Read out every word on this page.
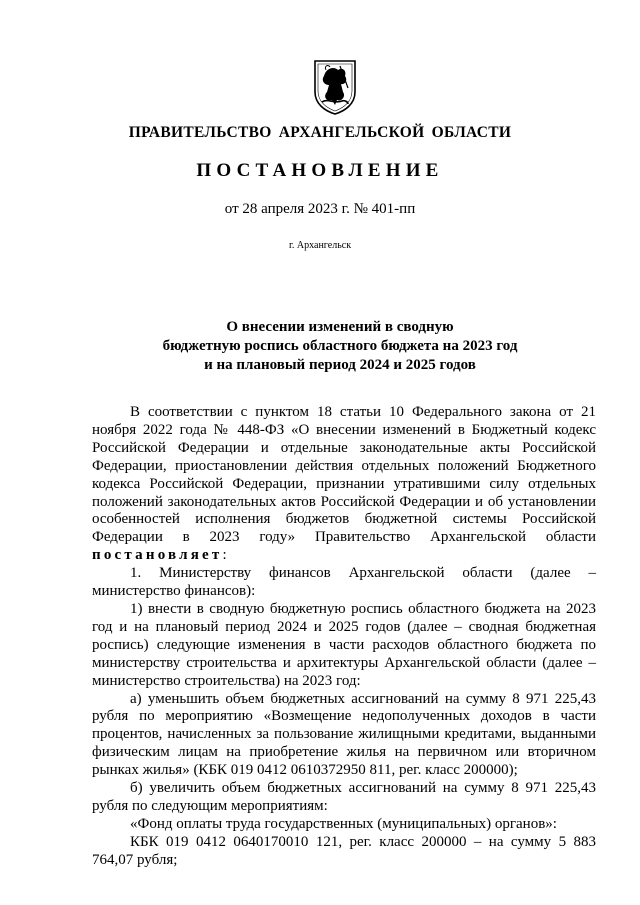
ПРАВИТЕЛЬСТВО АРХАНГЕЛЬСКОЙ ОБЛАСТИ
ПОСТАНОВЛЕНИЕ
от 28 апреля 2023 г. № 401-пп
г. Архангельск
О внесении изменений в сводную
бюджетную роспись областного бюджета на 2023 год
и на плановый период 2024 и 2025 годов

В соответствии с пунктом 18 статьи 10 Федерального закона от 21 ноября 2022 года № 448-ФЗ «О внесении изменений в Бюджетный кодекс Российской Федерации и отдельные законодательные акты Российской Федерации, приостановлении действия отдельных положений Бюджетного кодекса Российской Федерации, признании утратившими силу отдельных положений законодательных актов Российской Федерации и об установлении особенностей исполнения бюджетов бюджетной системы Российской Федерации в 2023 году» Правительство Архангельской области постановляет:

1. Министерству финансов Архангельской области (далее – министерство финансов):

1) внести в сводную бюджетную роспись областного бюджета на 2023 год и на плановый период 2024 и 2025 годов (далее – сводная бюджетная роспись) следующие изменения в части расходов областного бюджета по министерству строительства и архитектуры Архангельской области (далее – министерство строительства) на 2023 год:

а) уменьшить объем бюджетных ассигнований на сумму 8 971 225,43 рубля по мероприятию «Возмещение недополученных доходов в части процентов, начисленных за пользование жилищными кредитами, выданными физическим лицам на приобретение жилья на первичном или вторичном рынках жилья» (КБК 019 0412 0610372950 811, рег. класс 200000);

б) увеличить объем бюджетных ассигнований на сумму 8 971 225,43 рубля по следующим мероприятиям:

«Фонд оплаты труда государственных (муниципальных) органов»:

КБК 019 0412 0640170010 121, рег. класс 200000 – на сумму 5 883 764,07 рубля;
